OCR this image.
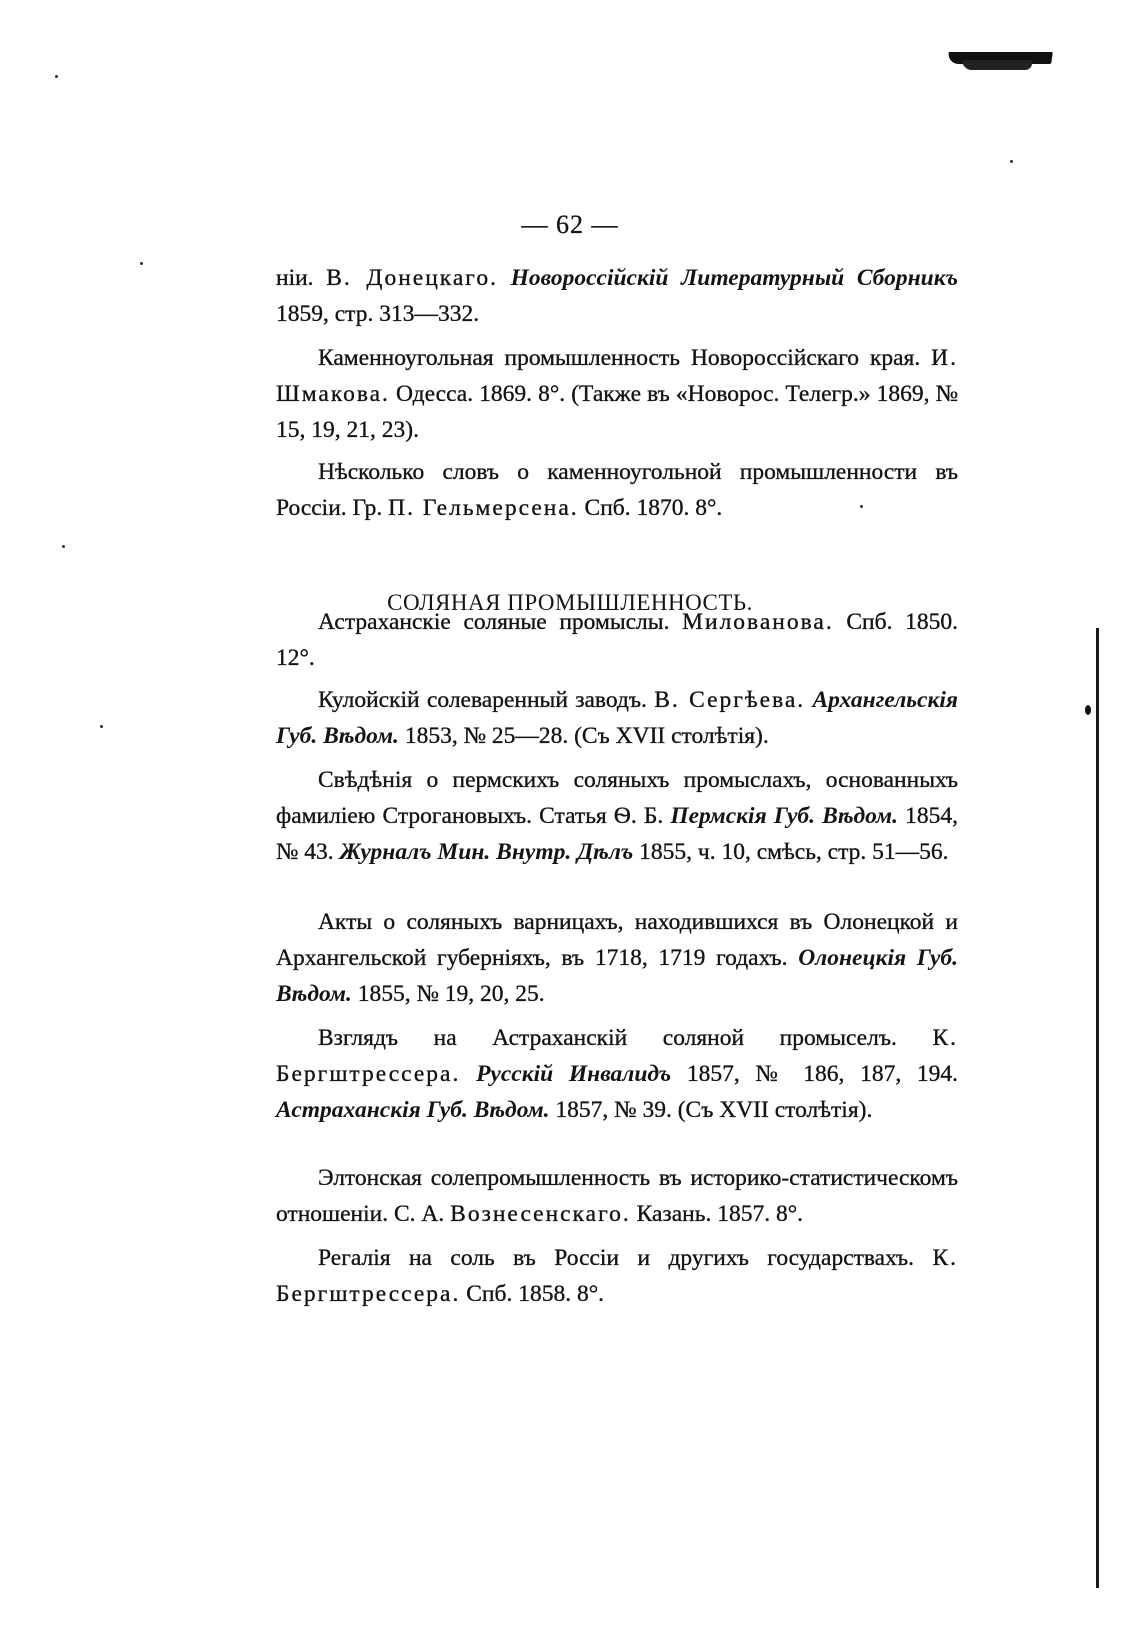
— 62 —
ніи. В. Донецкаго. Новороссійскій Литературный Сборникъ 1859, стр. 313—332.
Каменноугольная промышленность Новороссійскаго края. И. Шмакова. Одесса. 1869. 8°. (Также въ «Новорос. Телегр.» 1869, № 15, 19, 21, 23).
Нѣсколько словъ о каменноугольной промышленности въ Россіи. Гр. П. Гельмерсена. Спб. 1870. 8°.
СОЛЯНАЯ ПРОМЫШЛЕННОСТЬ.
Астраханскіе соляные промыслы. Милованова. Спб. 1850. 12°.
Кулойскій солеваренный заводъ. В. Сергѣева. Архангельскія Губ. Вѣдом. 1853, № 25—28. (Съ XVII столѣтія).
Свѣдѣнія о пермскихъ соляныхъ промыслахъ, основанныхъ фамиліею Строгановыхъ. Статья Ѳ. Б. Пермскія Губ. Вѣдом. 1854, № 43. Журналъ Мин. Внутр. Дѣлъ 1855, ч. 10, смѣсь, стр. 51—56.
Акты о соляныхъ варницахъ, находившихся въ Олонецкой и Архангельской губерніяхъ, въ 1718, 1719 годахъ. Олонецкія Губ. Вѣдом. 1855, № 19, 20, 25.
Взглядъ на Астраханскій соляной промыселъ. К. Бергштрессера. Русскій Инвалидъ 1857, № 186, 187, 194. Астраханскія Губ. Вѣдом. 1857, № 39. (Съ XVII столѣтія).
Элтонская солепромышленность въ историко-статистическомъ отношеніи. С. А. Вознесенскаго. Казань. 1857. 8°.
Регалія на соль въ Россіи и другихъ государствахъ. К. Бергштрессера. Спб. 1858. 8°.
